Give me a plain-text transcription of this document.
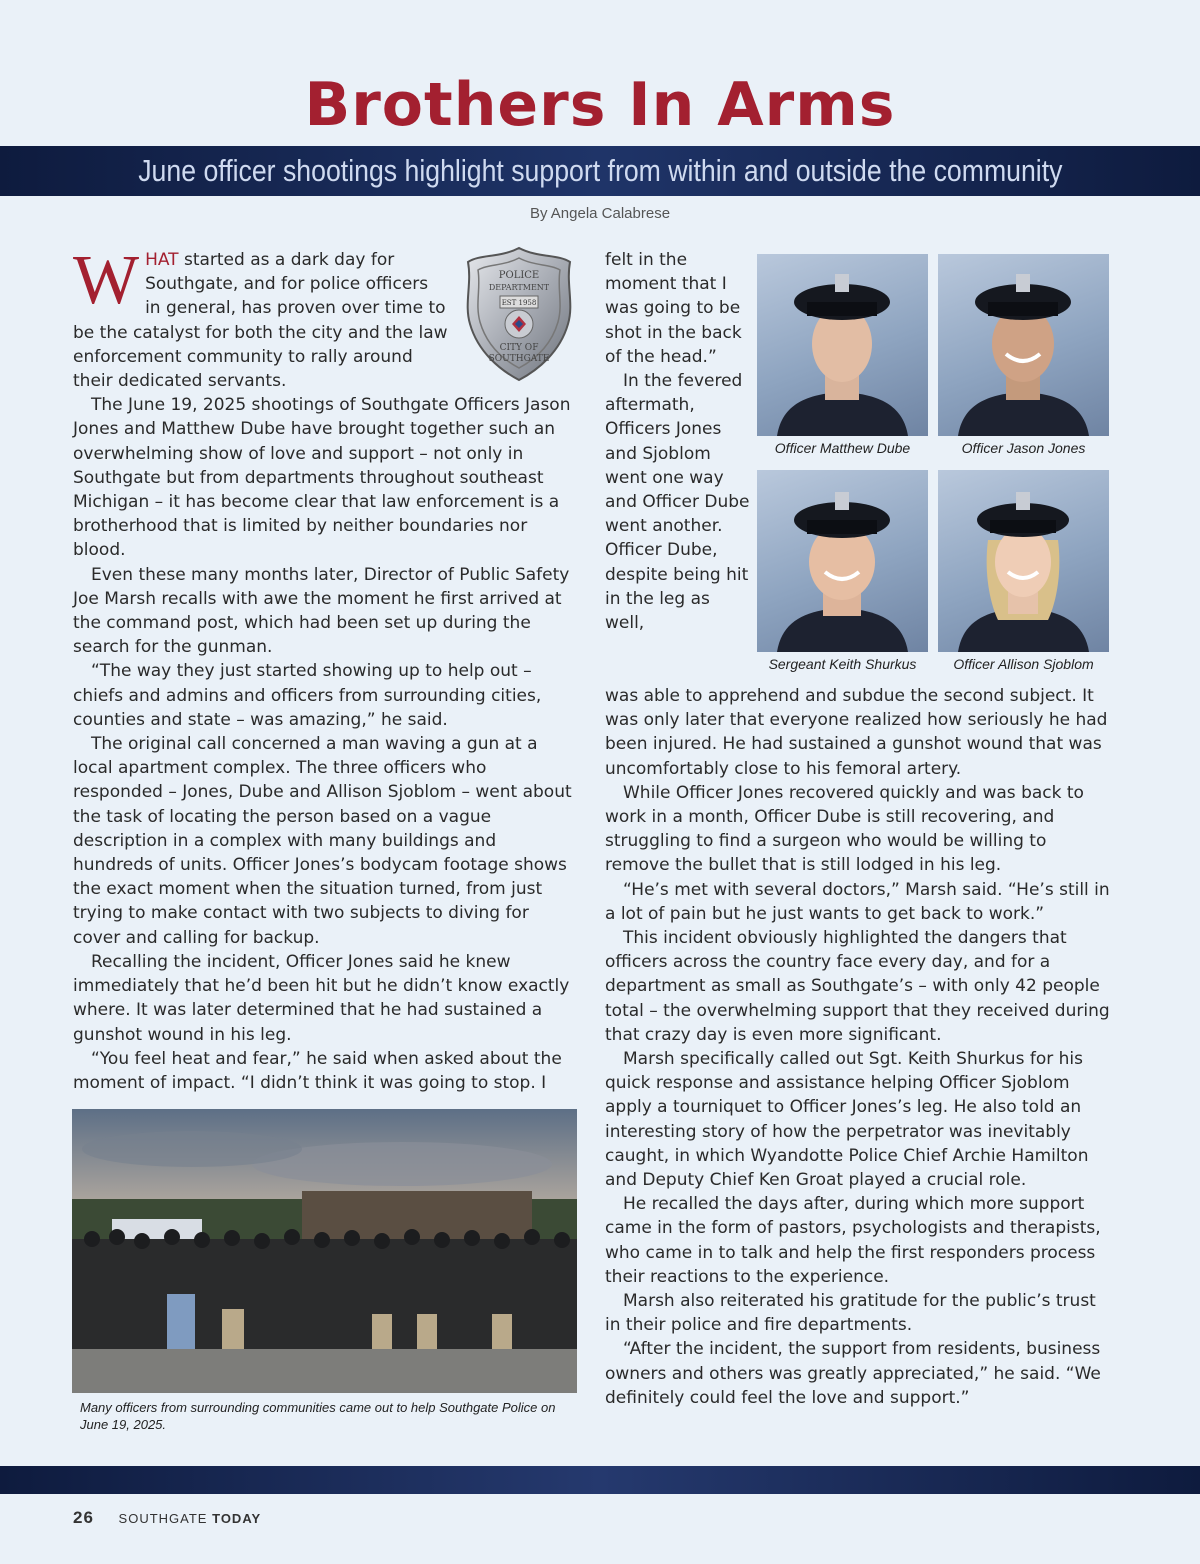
Brothers In Arms
June officer shootings highlight support from within and outside the community
By Angela Calabrese
POLICE
DEPARTMENT
EST 1958
CITY OF
SOUTHGATE

WHAT started as a dark day for Southgate, and for police officers in general, has proven over time to be the catalyst for both the city and the law enforcement community to rally around their dedicated servants.

The June 19, 2025 shootings of Southgate Officers Jason Jones and Matthew Dube have brought together such an overwhelming show of love and support – not only in Southgate but from departments throughout southeast Michigan – it has become clear that law enforcement is a brotherhood that is limited by neither boundaries nor blood.

Even these many months later, Director of Public Safety Joe Marsh recalls with awe the moment he first arrived at the command post, which had been set up during the search for the gunman.

“The way they just started showing up to help out – chiefs and admins and officers from surrounding cities, counties and state – was amazing,” he said.

The original call concerned a man waving a gun at a local apartment complex. The three officers who responded – Jones, Dube and Allison Sjoblom – went about the task of locating the person based on a vague description in a complex with many buildings and hundreds of units. Officer Jones’s bodycam footage shows the exact moment when the situation turned, from just trying to make contact with two subjects to diving for cover and calling for backup.

Recalling the incident, Officer Jones said he knew immediately that he’d been hit but he didn’t know exactly where. It was later determined that he had sustained a gunshot wound in his leg.

“You feel heat and fear,” he said when asked about the moment of impact. “I didn’t think it was going to stop. I

Many officers from surrounding communities came out to help Southgate Police on June 19, 2025.

felt in the moment that I was going to be shot in the back of the head.”

In the fevered aftermath, Officers Jones and Sjoblom went one way and Officer Dube went another. Officer Dube, despite being hit in the leg as well,

Officer Matthew Dube	Officer Jason Jones
Sergeant Keith Shurkus	Officer Allison Sjoblom

was able to apprehend and subdue the second subject. It was only later that everyone realized how seriously he had been injured. He had sustained a gunshot wound that was uncomfortably close to his femoral artery.

While Officer Jones recovered quickly and was back to work in a month, Officer Dube is still recovering, and struggling to find a surgeon who would be willing to remove the bullet that is still lodged in his leg.

“He’s met with several doctors,” Marsh said. “He’s still in a lot of pain but he just wants to get back to work.”

This incident obviously highlighted the dangers that officers across the country face every day, and for a department as small as Southgate’s – with only 42 people total – the overwhelming support that they received during that crazy day is even more significant.

Marsh specifically called out Sgt. Keith Shurkus for his quick response and assistance helping Officer Sjoblom apply a tourniquet to Officer Jones’s leg. He also told an interesting story of how the perpetrator was inevitably caught, in which Wyandotte Police Chief Archie Hamilton and Deputy Chief Ken Groat played a crucial role.

He recalled the days after, during which more support came in the form of pastors, psychologists and therapists, who came in to talk and help the first responders process their reactions to the experience.

Marsh also reiterated his gratitude for the public’s trust in their police and fire departments.

“After the incident, the support from residents, business owners and others was greatly appreciated,” he said. “We definitely could feel the love and support.”

26 SOUTHGATE TODAY
